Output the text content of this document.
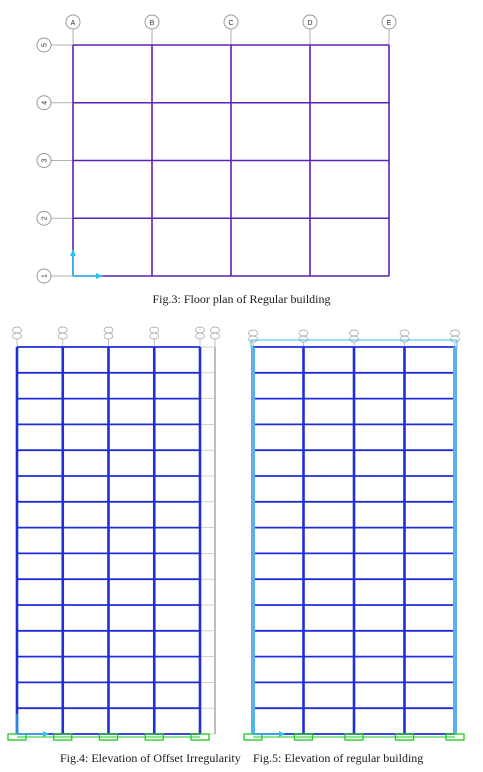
A	B	C	D	E
5
4
3
2
1
Fig.3: Floor plan of Regular building
Fig.4: Elevation of Offset Irregularity Fig.5: Elevation of regular building
